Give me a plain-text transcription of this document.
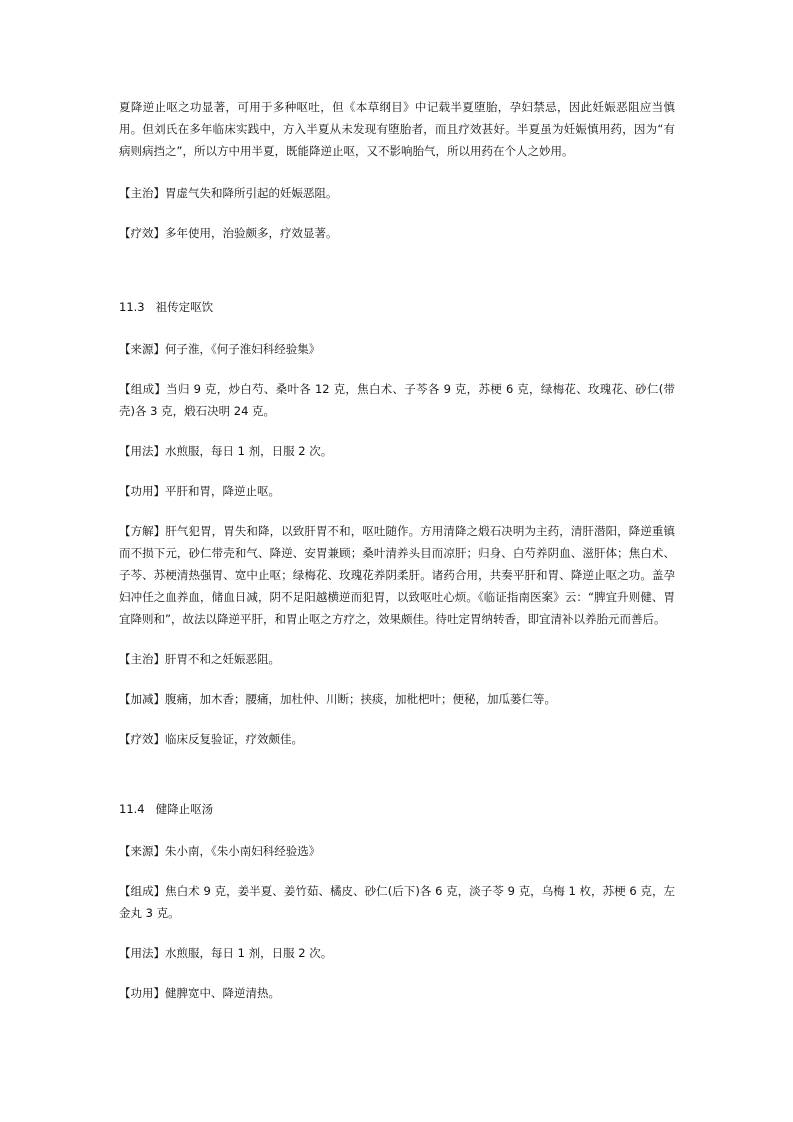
夏降逆止呕之功显著，可用于多种呕吐，但《本草纲目》中记载半夏堕胎，孕妇禁忌，因此妊娠恶阻应当慎用。但刘氏在多年临床实践中，方入半夏从未发现有堕胎者，而且疗效甚好。半夏虽为妊娠慎用药，因为“有病则病挡之”，所以方中用半夏，既能降逆止呕，又不影响胎气，所以用药在个人之妙用。

【主治】胃虚气失和降所引起的妊娠恶阻。

【疗效】多年使用，治验颇多，疗效显著。

11.3   祖传定呕饮

【来源】何子淮，《何子淮妇科经验集》

【组成】当归 9 克，炒白芍、桑叶各 12 克，焦白术、子芩各 9 克，苏梗 6 克，绿梅花、玫瑰花、砂仁(带壳)各 3 克，煅石决明 24 克。

【用法】水煎服，每日 1 剂，日服 2 次。

【功用】平肝和胃，降逆止呕。

【方解】肝气犯胃，胃失和降，以致肝胃不和，呕吐随作。方用清降之煅石决明为主药，清肝潜阳，降逆重镇而不损下元，砂仁带壳和气、降逆、安胃兼顾；桑叶清养头目而凉肝；归身、白芍养阴血、滋肝体；焦白术、子芩、苏梗清热强胃、宽中止呕；绿梅花、玫瑰花养阴柔肝。诸药合用，共奏平肝和胃、降逆止呕之功。盖孕妇冲任之血养血，储血日减，阴不足阳越横逆而犯胃，以致呕吐心烦。《临证指南医案》云：“脾宜升则健、胃宜降则和”，故法以降逆平肝，和胃止呕之方疗之，效果颇佳。待吐定胃纳转香，即宜清补以养胎元而善后。

【主治】肝胃不和之妊娠恶阻。

【加减】腹痛，加木香；腰痛，加杜仲、川断；挟痰，加枇杷叶；便秘，加瓜蒌仁等。

【疗效】临床反复验证，疗效颇佳。

11.4   健降止呕汤

【来源】朱小南，《朱小南妇科经验选》

【组成】焦白术 9 克，姜半夏、姜竹茹、橘皮、砂仁(后下)各 6 克，淡子苓 9 克，乌梅 1 枚，苏梗 6 克，左金丸 3 克。

【用法】水煎服，每日 1 剂，日服 2 次。

【功用】健脾宽中、降逆清热。
